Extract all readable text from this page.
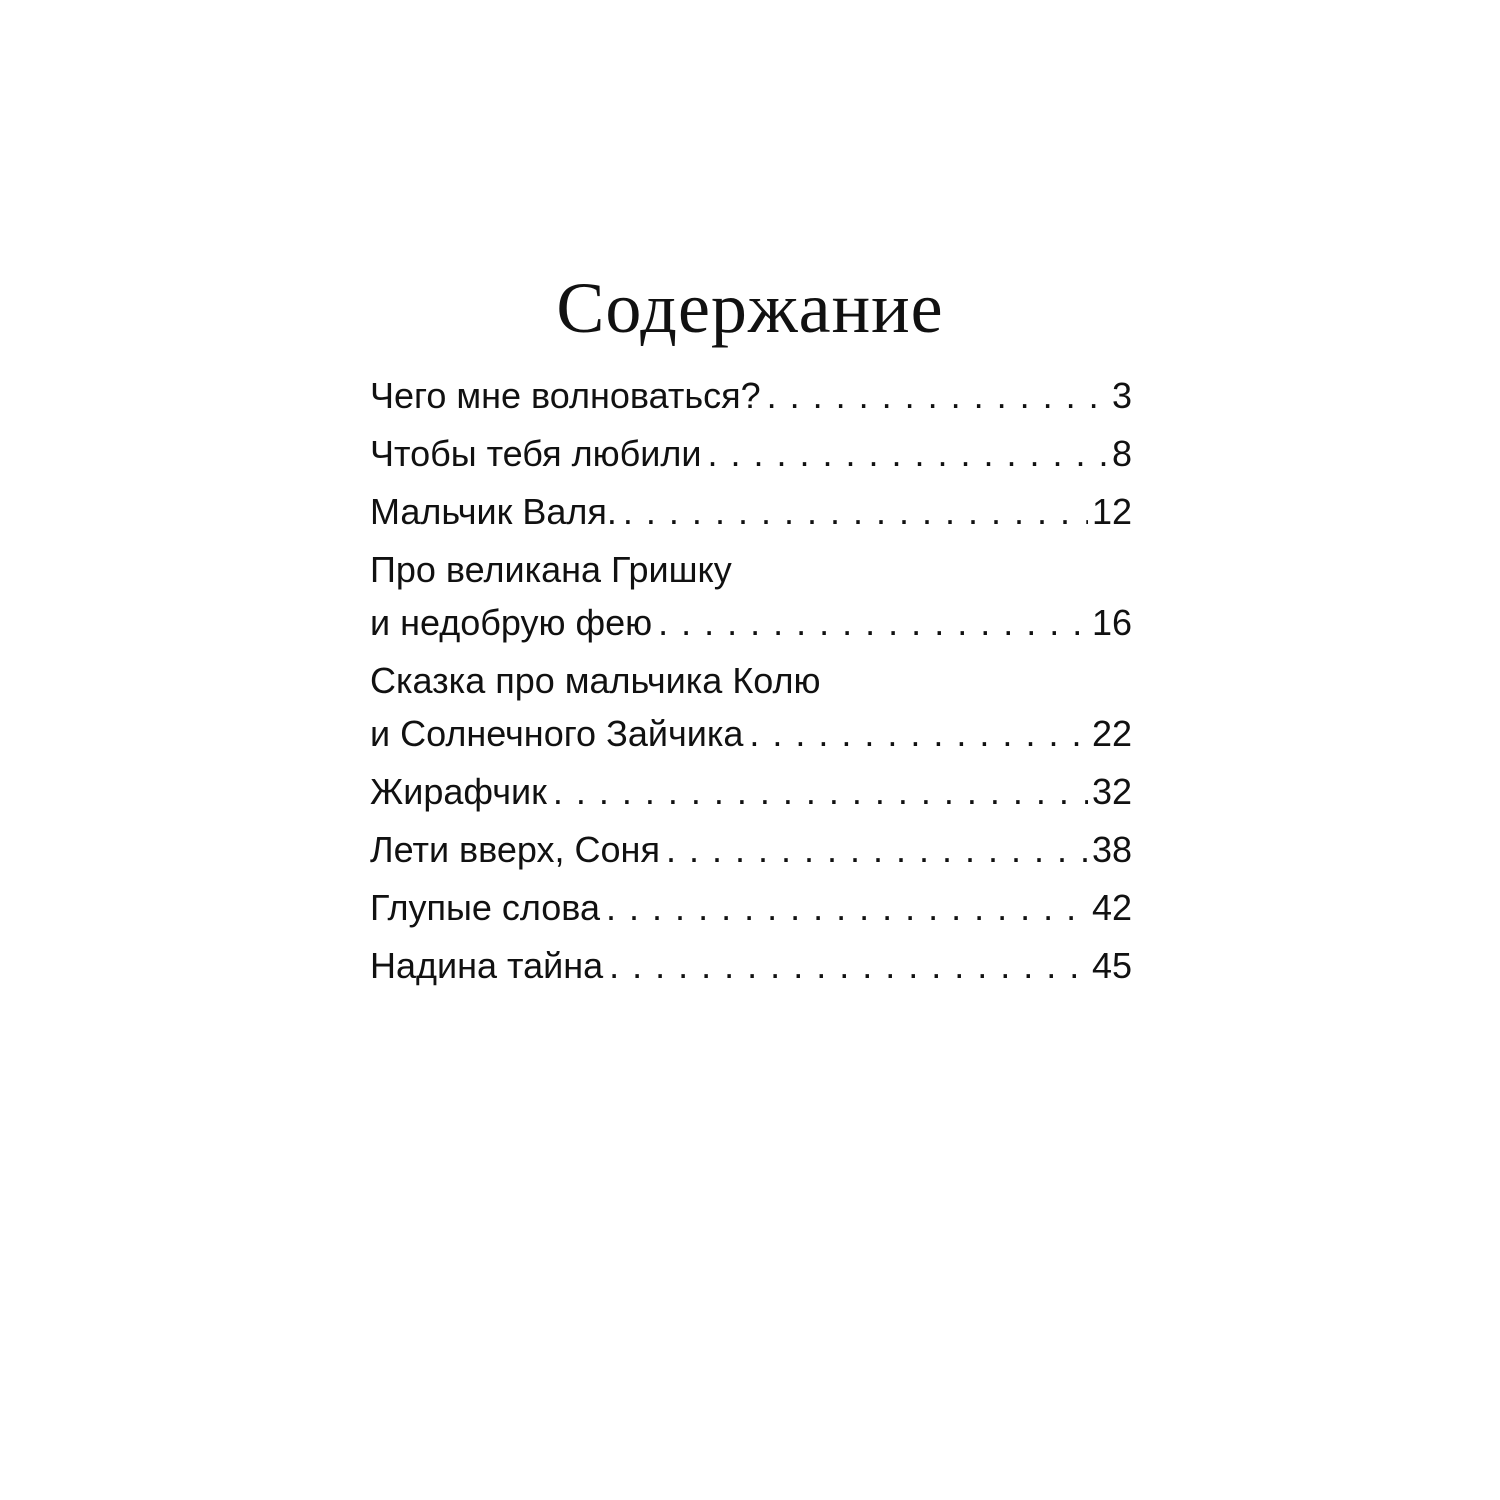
Содержание
Чего мне волноваться? . . .	3
Чтобы тебя любили . . .	8
Мальчик Валя. . . .	12
Про великана Гришку
и недобрую фею . . .	16
Сказка про мальчика Колю
и Солнечного Зайчика . . .	22
Жирафчик . . .	32
Лети вверх, Соня . . .	38
Глупые слова . . .	42
Надина тайна . . .	45
